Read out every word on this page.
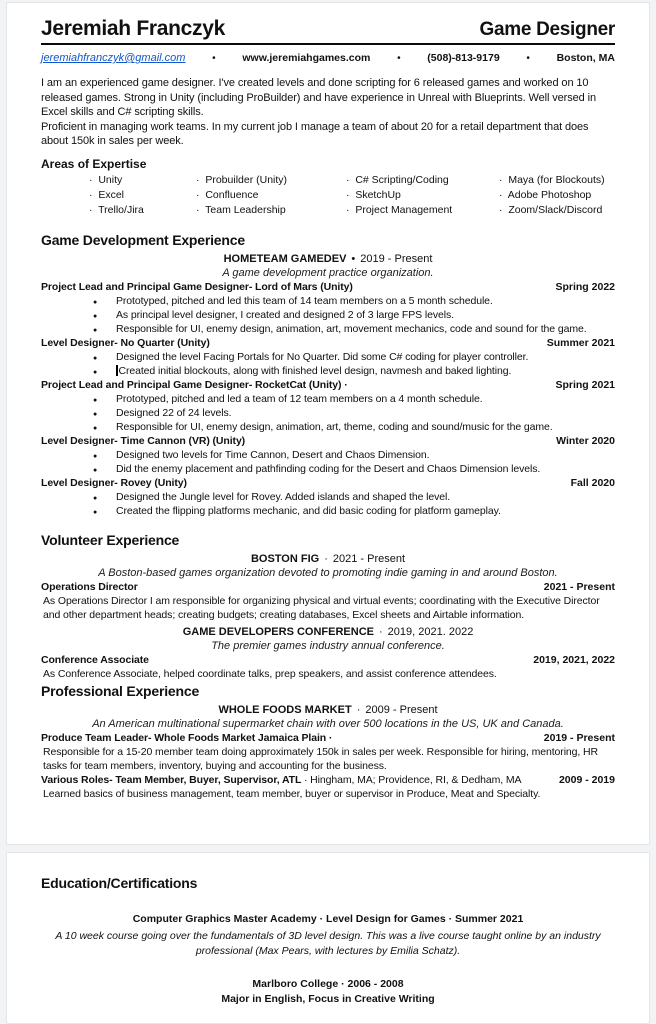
Jeremiah Franczyk	Game Designer
jeremiahfranczyk@gmail.com	•	www.jeremiahgames.com	•	(508)-813-9179	•	Boston, MA
I am an experienced game designer. I've created levels and done scripting for 6 released games and worked on 10 released games. Strong in Unity (including ProBuilder) and have experience in Unreal with Blueprints. Well versed in Excel skills and C# scripting skills.
Proficient in managing work teams. In my current job I manage a team of about 20 for a retail department that does about 150k in sales per week.
Areas of Expertise
· Unity	· Probuilder (Unity)	· C# Scripting/Coding	· Maya (for Blockouts)
· Excel	· Confluence	· SketchUp	· Adobe Photoshop
· Trello/Jira	· Team Leadership	· Project Management	· Zoom/Slack/Discord
Game Development Experience
HOMETEAM GAMEDEV • 2019 - Present
A game development practice organization.
Project Lead and Principal Game Designer- Lord of Mars (Unity)	Spring 2022
● Prototyped, pitched and led this team of 14 team members on a 5 month schedule.
● As principal level designer, I created and designed 2 of 3 large FPS levels.
● Responsible for UI, enemy design, animation, art, movement mechanics, code and sound for the game.
Level Designer- No Quarter (Unity)	Summer 2021
● Designed the level Facing Portals for No Quarter. Did some C# coding for player controller.
● Created initial blockouts, along with finished level design, navmesh and baked lighting.
Project Lead and Principal Game Designer- RocketCat (Unity) ·	Spring 2021
● Prototyped, pitched and led a team of 12 team members on a 4 month schedule.
● Designed 22 of 24 levels.
● Responsible for UI, enemy design, animation, art, theme, coding and sound/music for the game.
Level Designer- Time Cannon (VR) (Unity)	Winter 2020
● Designed two levels for Time Cannon, Desert and Chaos Dimension.
● Did the enemy placement and pathfinding coding for the Desert and Chaos Dimension levels.
Level Designer- Rovey (Unity)	Fall 2020
● Designed the Jungle level for Rovey. Added islands and shaped the level.
● Created the flipping platforms mechanic, and did basic coding for platform gameplay.
Volunteer Experience
BOSTON FIG · 2021 - Present
A Boston-based games organization devoted to promoting indie gaming in and around Boston.
Operations Director	2021 - Present
As Operations Director I am responsible for organizing physical and virtual events; coordinating with the Executive Director and other department heads; creating budgets; creating databases, Excel sheets and Airtable information.
GAME DEVELOPERS CONFERENCE · 2019, 2021. 2022
The premier games industry annual conference.
Conference Associate	2019, 2021, 2022
As Conference Associate, helped coordinate talks, prep speakers, and assist conference attendees.
Professional Experience
WHOLE FOODS MARKET · 2009 - Present
An American multinational supermarket chain with over 500 locations in the US, UK and Canada.
Produce Team Leader- Whole Foods Market Jamaica Plain ·	2019 - Present
Responsible for a 15-20 member team doing approximately 150k in sales per week. Responsible for hiring, mentoring, HR tasks for team members, inventory, buying and accounting for the business.
Various Roles- Team Member, Buyer, Supervisor, ATL · Hingham, MA; Providence, RI, & Dedham, MA	2009 - 2019
Learned basics of business management, team member, buyer or supervisor in Produce, Meat and Specialty.
Education/Certifications
Computer Graphics Master Academy · Level Design for Games · Summer 2021
A 10 week course going over the fundamentals of 3D level design. This was a live course taught online by an industry professional (Max Pears, with lectures by Emilia Schatz).
Marlboro College · 2006 - 2008
Major in English, Focus in Creative Writing
